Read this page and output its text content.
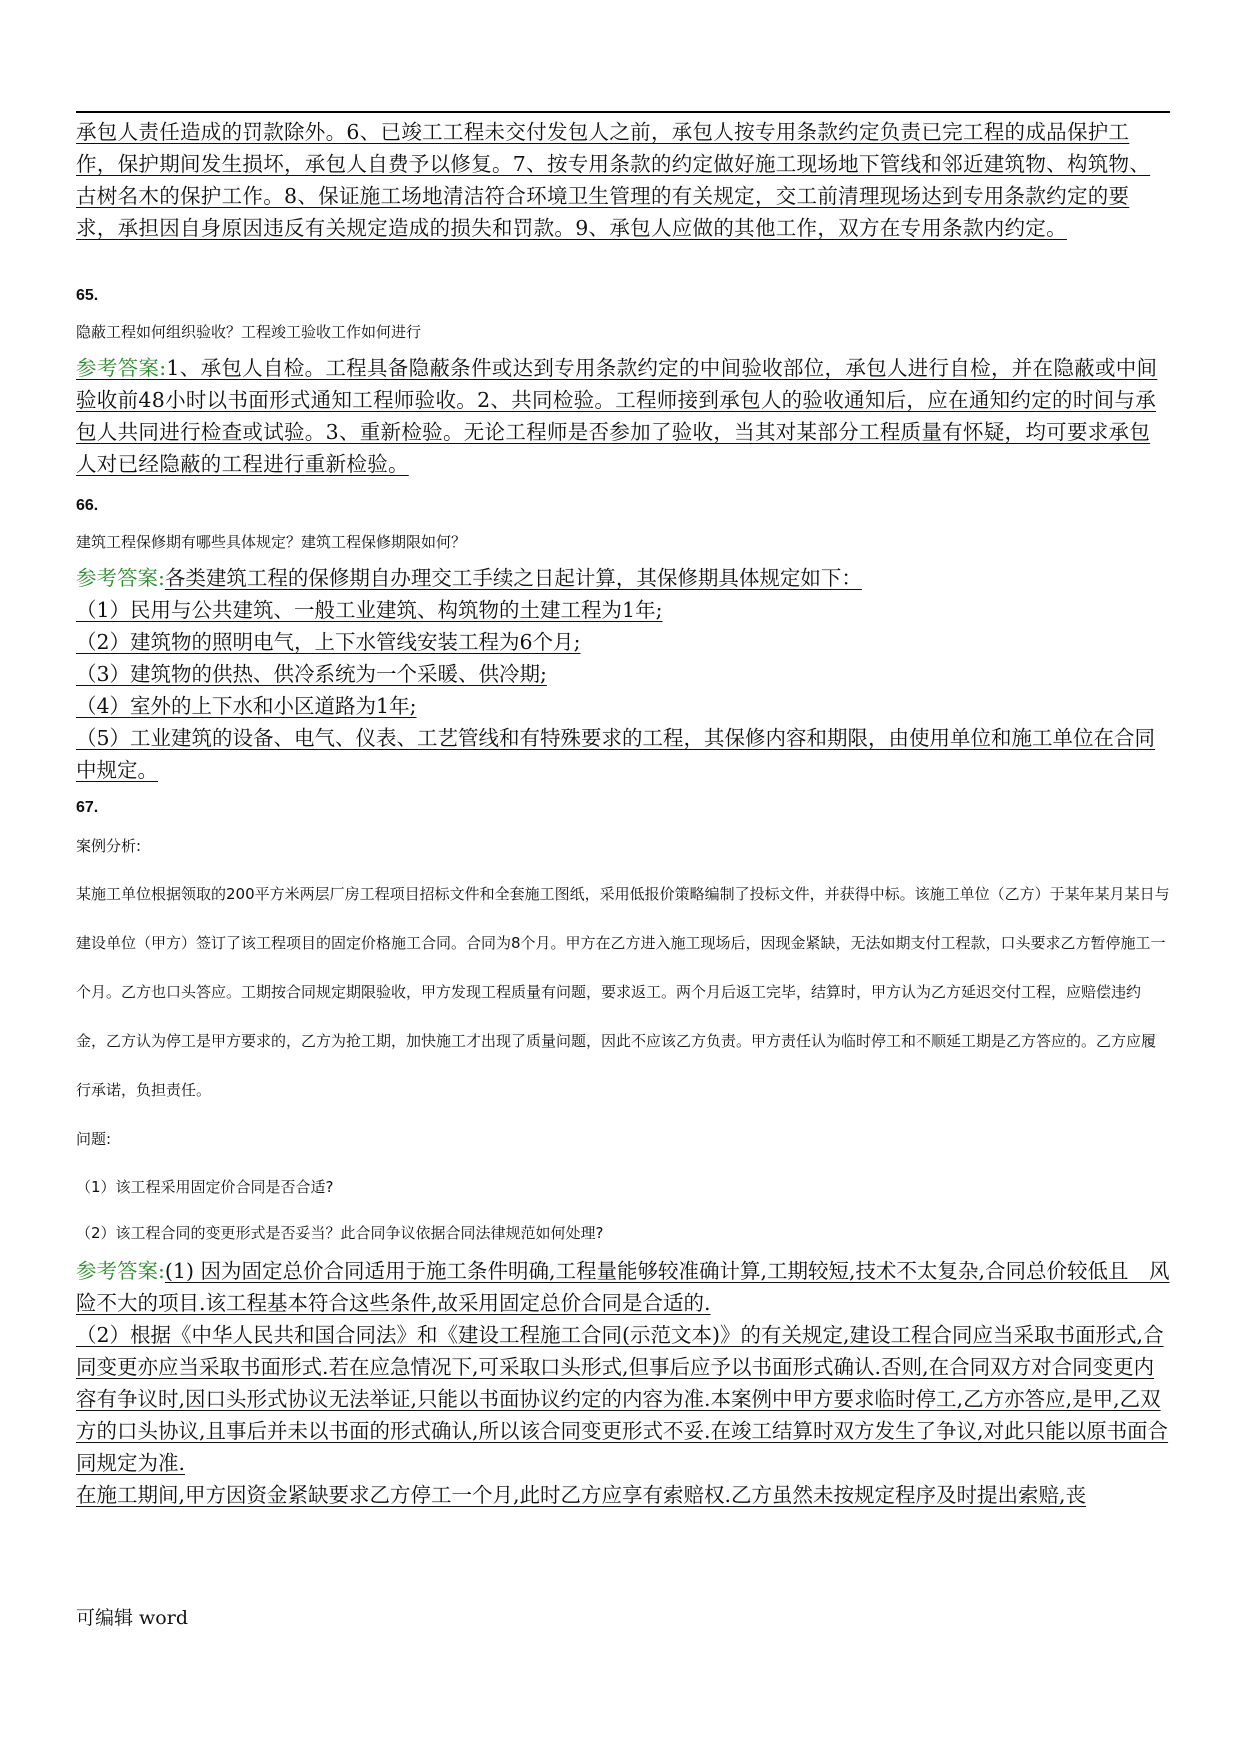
承包人责任造成的罚款除外。6、已竣工工程未交付发包人之前，承包人按专用条款约定负责已完工程的成品保护工作，保护期间发生损坏，承包人自费予以修复。7、按专用条款的约定做好施工现场地下管线和邻近建筑物、构筑物、古树名木的保护工作。8、保证施工场地清洁符合环境卫生管理的有关规定，交工前清理现场达到专用条款约定的要求，承担因自身原因违反有关规定造成的损失和罚款。9、承包人应做的其他工作，双方在专用条款内约定。

65.

隐蔽工程如何组织验收？工程竣工验收工作如何进行

参考答案:1、承包人自检。工程具备隐蔽条件或达到专用条款约定的中间验收部位，承包人进行自检，并在隐蔽或中间验收前48小时以书面形式通知工程师验收。2、共同检验。工程师接到承包人的验收通知后，应在通知约定的时间与承包人共同进行检查或试验。3、重新检验。无论工程师是否参加了验收，当其对某部分工程质量有怀疑，均可要求承包人对已经隐蔽的工程进行重新检验。

66.

建筑工程保修期有哪些具体规定？建筑工程保修期限如何？

参考答案:各类建筑工程的保修期自办理交工手续之日起计算，其保修期具体规定如下：

（1）民用与公共建筑、一般工业建筑、构筑物的土建工程为1年;

（2）建筑物的照明电气，上下水管线安装工程为6个月;

（3）建筑物的供热、供冷系统为一个采暖、供冷期;

（4）室外的上下水和小区道路为1年;

（5）工业建筑的设备、电气、仪表、工艺管线和有特殊要求的工程，其保修内容和期限，由使用单位和施工单位在合同中规定。

67.

案例分析:

某施工单位根据领取的200平方米两层厂房工程项目招标文件和全套施工图纸，采用低报价策略编制了投标文件，并获得中标。该施工单位（乙方）于某年某月某日与建设单位（甲方）签订了该工程项目的固定价格施工合同。合同为8个月。甲方在乙方进入施工现场后，因现金紧缺，无法如期支付工程款，口头要求乙方暂停施工一个月。乙方也口头答应。工期按合同规定期限验收，甲方发现工程质量有问题，要求返工。两个月后返工完毕，结算时，甲方认为乙方延迟交付工程，应赔偿违约金，乙方认为停工是甲方要求的，乙方为抢工期，加快施工才出现了质量问题，因此不应该乙方负责。甲方责任认为临时停工和不顺延工期是乙方答应的。乙方应履行承诺，负担责任。

问题:

（1）该工程采用固定价合同是否合适?

（2）该工程合同的变更形式是否妥当？此合同争议依据合同法律规范如何处理?

参考答案:(1) 因为固定总价合同适用于施工条件明确,工程量能够较准确计算,工期较短,技术不太复杂,合同总价较低且　风险不大的项目.该工程基本符合这些条件,故采用固定总价合同是合适的.

（2）根据《中华人民共和国合同法》和《建设工程施工合同(示范文本)》的有关规定,建设工程合同应当采取书面形式,合同变更亦应当采取书面形式.若在应急情况下,可采取口头形式,但事后应予以书面形式确认.否则,在合同双方对合同变更内容有争议时,因口头形式协议无法举证,只能以书面协议约定的内容为准.本案例中甲方要求临时停工,乙方亦答应,是甲,乙双方的口头协议,且事后并未以书面的形式确认,所以该合同变更形式不妥.在竣工结算时双方发生了争议,对此只能以原书面合同规定为准.

在施工期间,甲方因资金紧缺要求乙方停工一个月,此时乙方应享有索赔权.乙方虽然未按规定程序及时提出索赔,丧

可编辑 word
